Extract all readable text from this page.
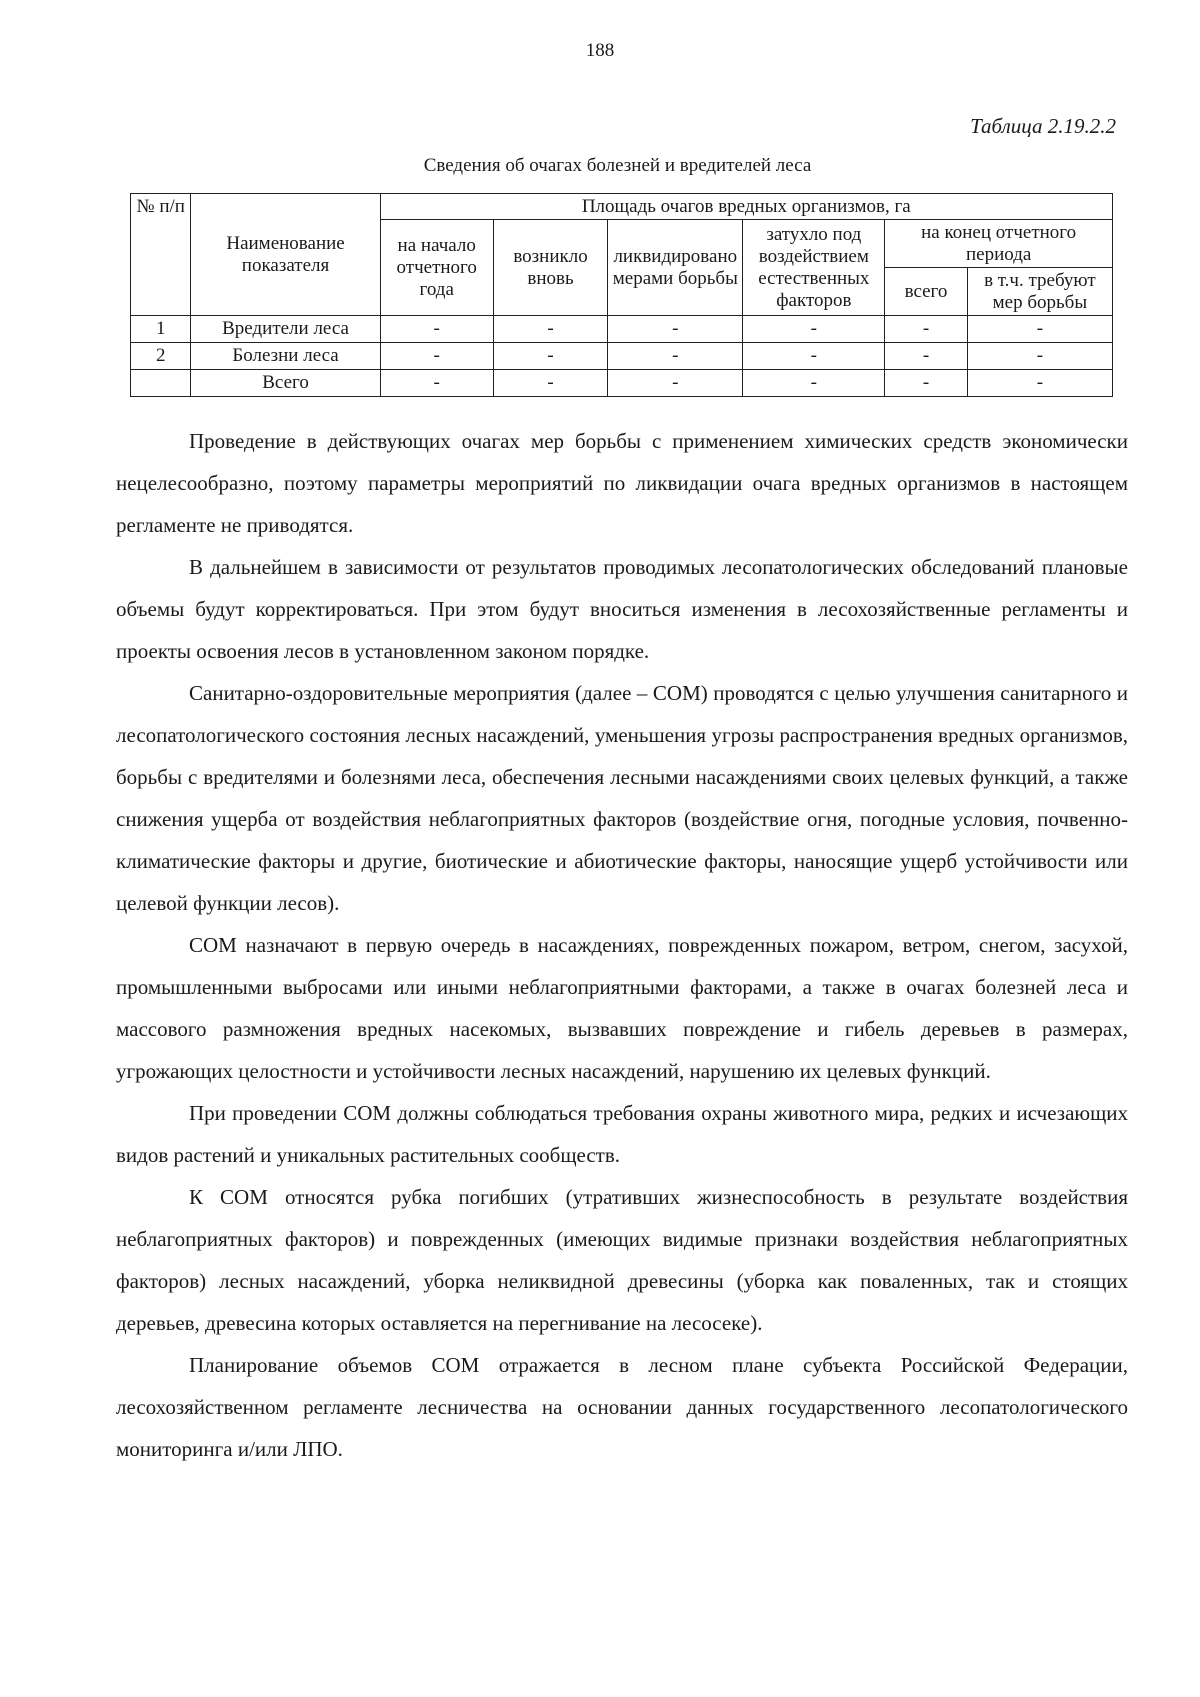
188
Таблица 2.19.2.2
Сведения об очагах болезней и вредителей леса
№ п/п	Наименование показателя	Площадь очагов вредных организмов, га					
		на начало отчетного года	возникло вновь	ликвидировано мерами борьбы	затухло под воздействием естественных факторов	на конец отчетного периода	
						всего	в т.ч. требуют мер борьбы
1	Вредители леса	-	-	-	-	-	-
2	Болезни леса	-	-	-	-	-	-
	Всего	-	-	-	-	-	-

Проведение в действующих очагах мер борьбы с применением химических средств экономически нецелесообразно, поэтому параметры мероприятий по ликвидации очага вредных организмов в настоящем регламенте не приводятся.

В дальнейшем в зависимости от результатов проводимых лесопатологических обследований плановые объемы будут корректироваться. При этом будут вноситься изменения в лесохозяйственные регламенты и проекты освоения лесов в установленном законом порядке.

Санитарно-оздоровительные мероприятия (далее – СОМ) проводятся с целью улучшения санитарного и лесопатологического состояния лесных насаждений, уменьшения угрозы распространения вредных организмов, борьбы с вредителями и болезнями леса, обеспечения лесными насаждениями своих целевых функций, а также снижения ущерба от воздействия неблагоприятных факторов (воздействие огня, погодные условия, почвенно-климатические факторы и другие, биотические и абиотические факторы, наносящие ущерб устойчивости или целевой функции лесов).

СОМ назначают в первую очередь в насаждениях, поврежденных пожаром, ветром, снегом, засухой, промышленными выбросами или иными неблагоприятными факторами, а также в очагах болезней леса и массового размножения вредных насекомых, вызвавших повреждение и гибель деревьев в размерах, угрожающих целостности и устойчивости лесных насаждений, нарушению их целевых функций.

При проведении СОМ должны соблюдаться требования охраны животного мира, редких и исчезающих видов растений и уникальных растительных сообществ.

К СОМ относятся рубка погибших (утративших жизнеспособность в результате воздействия неблагоприятных факторов) и поврежденных (имеющих видимые признаки воздействия неблагоприятных факторов) лесных насаждений, уборка неликвидной древесины (уборка как поваленных, так и стоящих деревьев, древесина которых оставляется на перегнивание на лесосеке).

Планирование объемов СОМ отражается в лесном плане субъекта Российской Федерации, лесохозяйственном регламенте лесничества на основании данных государственного лесопатологического мониторинга и/или ЛПО.
